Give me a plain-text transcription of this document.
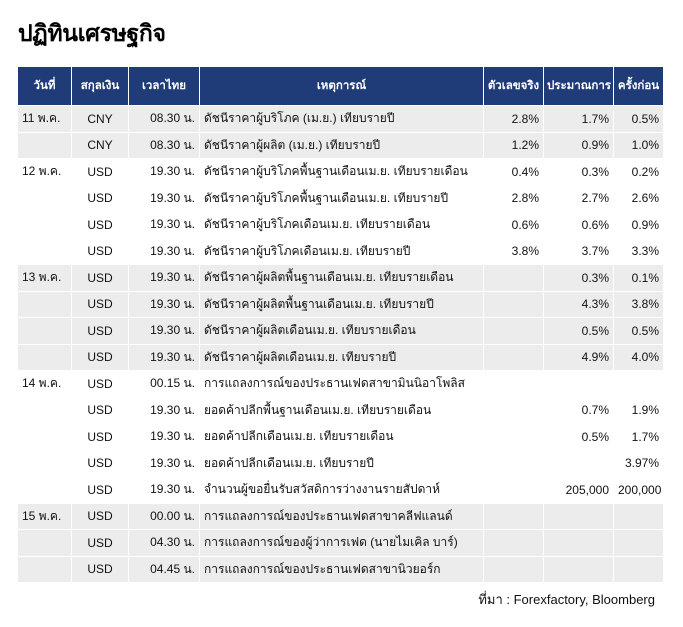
ปฏิทินเศรษฐกิจ
วันที่	สกุลเงิน	เวลาไทย	เหตุการณ์	ตัวเลขจริง	ประมาณการ	ครั้งก่อน
11 พ.ค.	CNY	08.30 น.	ดัชนีราคาผู้บริโภค (เม.ย.) เทียบรายปี	2.8%	1.7%	0.5%
	CNY	08.30 น.	ดัชนีราคาผู้ผลิต (เม.ย.) เทียบรายปี	1.2%	0.9%	1.0%
12 พ.ค.	USD	19.30 น.	ดัชนีราคาผู้บริโภคพื้นฐานเดือนเม.ย. เทียบรายเดือน	0.4%	0.3%	0.2%
	USD	19.30 น.	ดัชนีราคาผู้บริโภคพื้นฐานเดือนเม.ย. เทียบรายปี	2.8%	2.7%	2.6%
	USD	19.30 น.	ดัชนีราคาผู้บริโภคเดือนเม.ย. เทียบรายเดือน	0.6%	0.6%	0.9%
	USD	19.30 น.	ดัชนีราคาผู้บริโภคเดือนเม.ย. เทียบรายปี	3.8%	3.7%	3.3%
13 พ.ค.	USD	19.30 น.	ดัชนีราคาผู้ผลิตพื้นฐานเดือนเม.ย. เทียบรายเดือน		0.3%	0.1%
	USD	19.30 น.	ดัชนีราคาผู้ผลิตพื้นฐานเดือนเม.ย. เทียบรายปี		4.3%	3.8%
	USD	19.30 น.	ดัชนีราคาผู้ผลิตเดือนเม.ย. เทียบรายเดือน		0.5%	0.5%
	USD	19.30 น.	ดัชนีราคาผู้ผลิตเดือนเม.ย. เทียบรายปี		4.9%	4.0%
14 พ.ค.	USD	00.15 น.	การแถลงการณ์ของประธานเฟดสาขามินนิอาโพลิส			
	USD	19.30 น.	ยอดค้าปลีกพื้นฐานเดือนเม.ย. เทียบรายเดือน		0.7%	1.9%
	USD	19.30 น.	ยอดค้าปลีกเดือนเม.ย. เทียบรายเดือน		0.5%	1.7%
	USD	19.30 น.	ยอดค้าปลีกเดือนเม.ย. เทียบรายปี			3.97%
	USD	19.30 น.	จำนวนผู้ขอยื่นรับสวัสดิการว่างงานรายสัปดาห์		205,000	200,000
15 พ.ค.	USD	00.00 น.	การแถลงการณ์ของประธานเฟดสาขาคลีฟแลนด์			
	USD	04.30 น.	การแถลงการณ์ของผู้ว่าการเฟด (นายไมเคิล บาร์)			
	USD	04.45 น.	การแถลงการณ์ของประธานเฟดสาขานิวยอร์ก			
ที่มา : Forexfactory, Bloomberg
